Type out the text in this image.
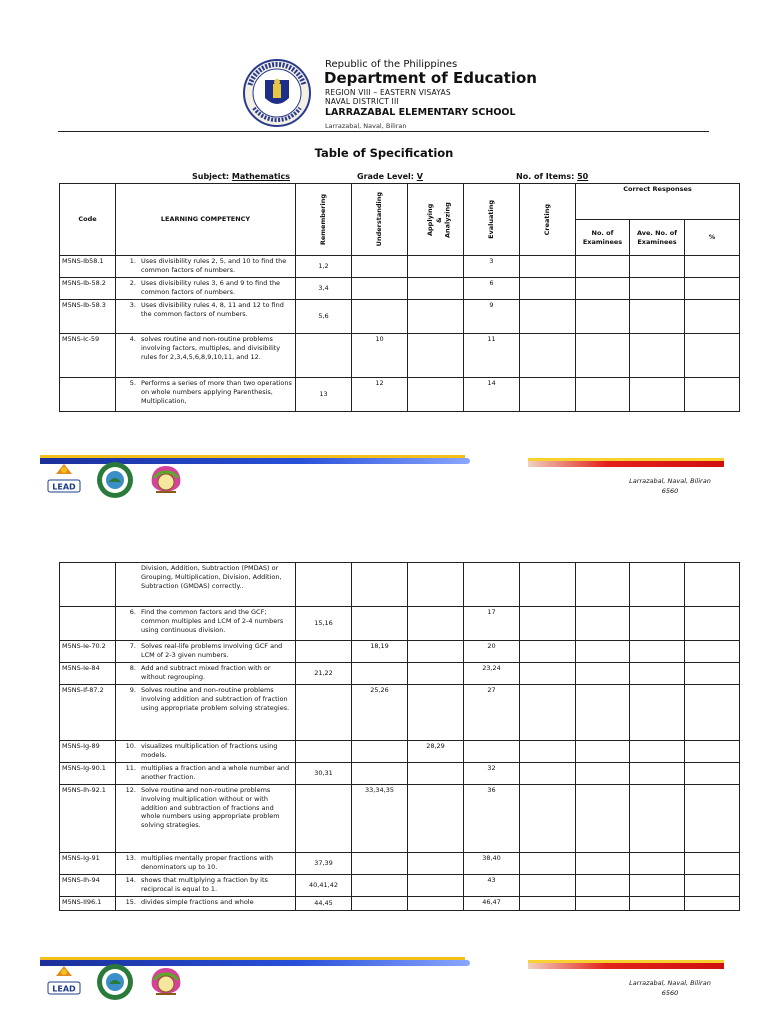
Republic of the Philippines
Department of Education
REGION VIII – EASTERN VISAYAS
NAVAL DISTRICT III
LARRAZABAL ELEMENTARY SCHOOL
Larrazabal, Naval, Biliran
Table of Specification
Subject: Mathematics	Grade Level: V	No. of Items: 50
Code	LEARNING COMPETENCY	Remembering	Understanding	Applying & Analyzing	Evaluating	Creating	Correct Responses		
							No. of Examinees	Ave. No. of Examinees	%
M5NS-Ib58.1	1. Uses divisibility rules 2, 5, and 10 to find the common factors of numbers.	1,2			3				
M5NS-Ib-58.2	2. Uses divisibility rules 3, 6 and 9 to find the common factors of numbers.	3,4			6				
M5NS-Ib-58.3	3. Uses divisibility rules 4, 8, 11 and 12 to find the common factors of numbers.	5,6			9				
M5NS-Ic-59	4. solves routine and non-routine problems involving factors, multiples, and divisibility rules for 2,3,4,5,6,8,9,10,11, and 12.		10		11				

	5. Performs a series of more than two operations on whole numbers applying Parenthesis, Multiplication,	13	12		14				
LEAD
Larrazabal, Naval, Biliran
6560

	Division, Addition, Subtraction (PMDAS) or Grouping, Multiplication, Division, Addition, Subtraction (GMDAS) correctly..								

	6. Find the common factors and the GCF; common multiples and LCM of 2-4 numbers using continuous division.	15,16			17				
M5NS-Ie-70.2	7. Solves real-life problems involving GCF and LCM of 2-3 given numbers.		18,19		20				
M5NS-Ie-84	8. Add and subtract mixed fraction with or without regrouping.	21,22			23,24				
M5NS-If-87.2	9. Solves routine and non-routine problems involving addition and subtraction of fraction using appropriate problem solving strategies.		25,26		27				
M5NS-Ig-89	10. visualizes multiplication of fractions using models.			28,29					
M5NS-Ig-90.1	11. multiplies a fraction and a whole number and another fraction.	30,31			32				
M5NS-Ih-92.1	12. Solve routine and non-routine problems involving multiplication without or with addition and subtraction of fractions and whole numbers using appropriate problem solving strategies.		33,34,35		36				
M5NS-Ig-91	13. multiplies mentally proper fractions with denominators up to 10.	37,39			38,40				
M5NS-Ih-94	14. shows that multiplying a fraction by its reciprocal is equal to 1.	40,41,42			43				
M5NS-II96.1	15. divides simple fractions and whole	44,45			46,47				
LEAD
Larrazabal, Naval, Biliran
6560
